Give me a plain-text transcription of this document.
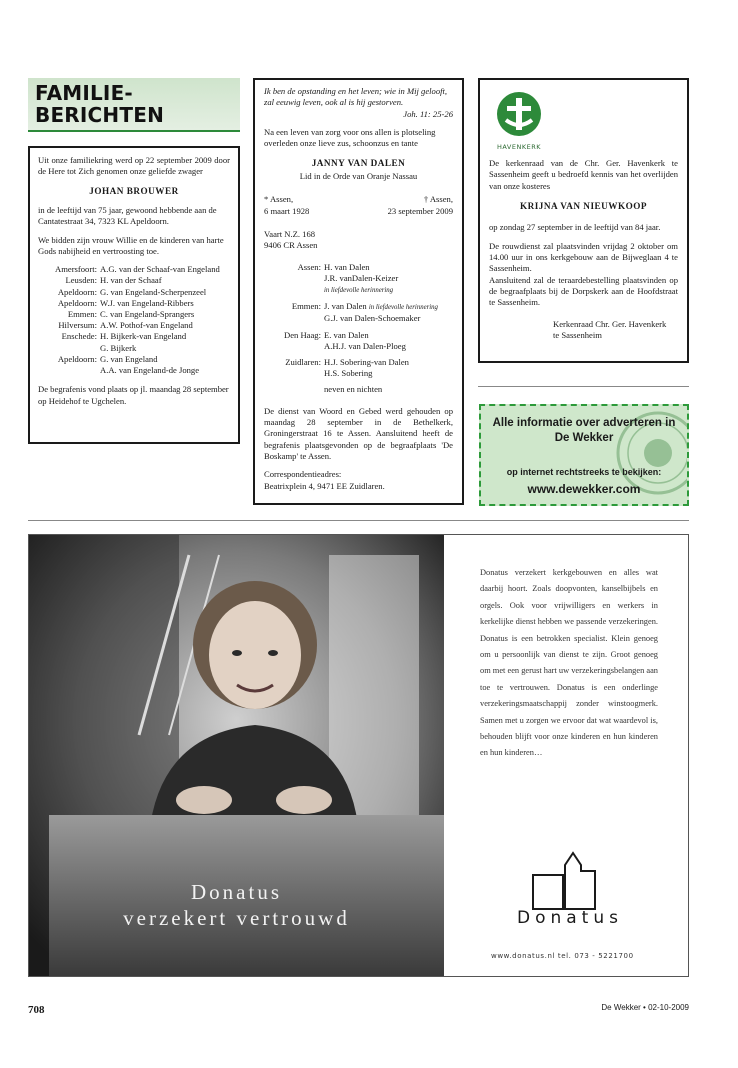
FAMILIE-
BERICHTEN
Uit onze familiekring werd op 22 september 2009 door de Here tot Zich genomen onze geliefde zwager
JOHAN BROUWER
in de leeftijd van 75 jaar, gewoond hebbende aan de Cantatestraat 34, 7323 KL Apeldoorn.
We bidden zijn vrouw Willie en de kinderen van harte Gods nabijheid en vertroosting toe.
Amersfoort:	A.G. van der Schaaf-van Engeland
Leusden:	H. van der Schaaf
Apeldoorn:	G. van Engeland-Scherpenzeel
Apeldoorn:	W.J. van Engeland-Ribbers
Emmen:	C. van Engeland-Sprangers
Hilversum:	A.W. Pothof-van Engeland
Enschede:	H. Bijkerk-van Engeland
	G. Bijkerk
Apeldoorn:	G. van Engeland
	A.A. van Engeland-de Jonge
De begrafenis vond plaats op jl. maandag 28 september op Heidehof te Ugchelen.
Ik ben de opstanding en het leven; wie in Mij gelooft, zal eeuwig leven, ook al is hij gestorven.
Joh. 11: 25-26
Na een leven van zorg voor ons allen is plotseling overleden onze lieve zus, schoonzus en tante
JANNY VAN DALEN
Lid in de Orde van Oranje Nassau
* Assen,	† Assen,
6 maart 1928	23 september 2009
Vaart N.Z. 168
9406 CR Assen
Assen:	H. van Dalen
	J.R. vanDalen-Keizer
	in liefdevolle herinnering
Emmen:	J. van Dalen in liefdevolle herinnering
	G.J. van Dalen-Schoemaker
Den Haag:	E. van Dalen
	A.H.J. van Dalen-Ploeg
Zuidlaren:	H.J. Sobering-van Dalen
	H.S. Sobering
	neven en nichten
De dienst van Woord en Gebed werd gehouden op maandag 28 september in de Bethelkerk, Groningerstraat 16 te Assen. Aansluitend heeft de begrafenis plaatsgevonden op de begraafplaats 'De Boskamp' te Assen.
Correspondentieadres:
Beatrixplein 4, 9471 EE Zuidlaren.
HAVENKERK
De kerkenraad van de Chr. Ger. Havenkerk te Sassenheim geeft u bedroefd kennis van het overlijden van onze kosteres
KRIJNA VAN NIEUWKOOP
op zondag 27 september in de leeftijd van 84 jaar.
De rouwdienst zal plaatsvinden vrijdag 2 oktober om 14.00 uur in ons kerkgebouw aan de Bijweglaan 4 te Sassenheim.
Aansluitend zal de teraardebestelling plaatsvinden op de begraafplaats bij de Dorpskerk aan de Hoofdstraat te Sassenheim.
Kerkenraad Chr. Ger. Havenkerk
te Sassenheim
Alle informatie over adverteren in
De Wekker
op internet rechtstreeks te bekijken:
www.dewekker.com
Donatus
verzekert vertrouwd
Donatus verzekert kerkgebouwen en alles wat daarbij hoort. Zoals doopvonten, kanselbijbels en orgels. Ook voor vrijwilligers en werkers in kerkelijke dienst hebben we passende verzekeringen. Donatus is een betrokken specialist. Klein genoeg om u persoonlijk van dienst te zijn. Groot genoeg om met een gerust hart uw verzekeringsbelangen aan toe te vertrouwen. Donatus is een onderlinge verzekeringsmaatschappij zonder winstoogmerk. Samen met u zorgen we ervoor dat wat waardevol is, behouden blijft voor onze kinderen en hun kinderen en hun kinderen…
Donatus
www.donatus.nl tel. 073 - 5221700
708	De Wekker • 02-10-2009
